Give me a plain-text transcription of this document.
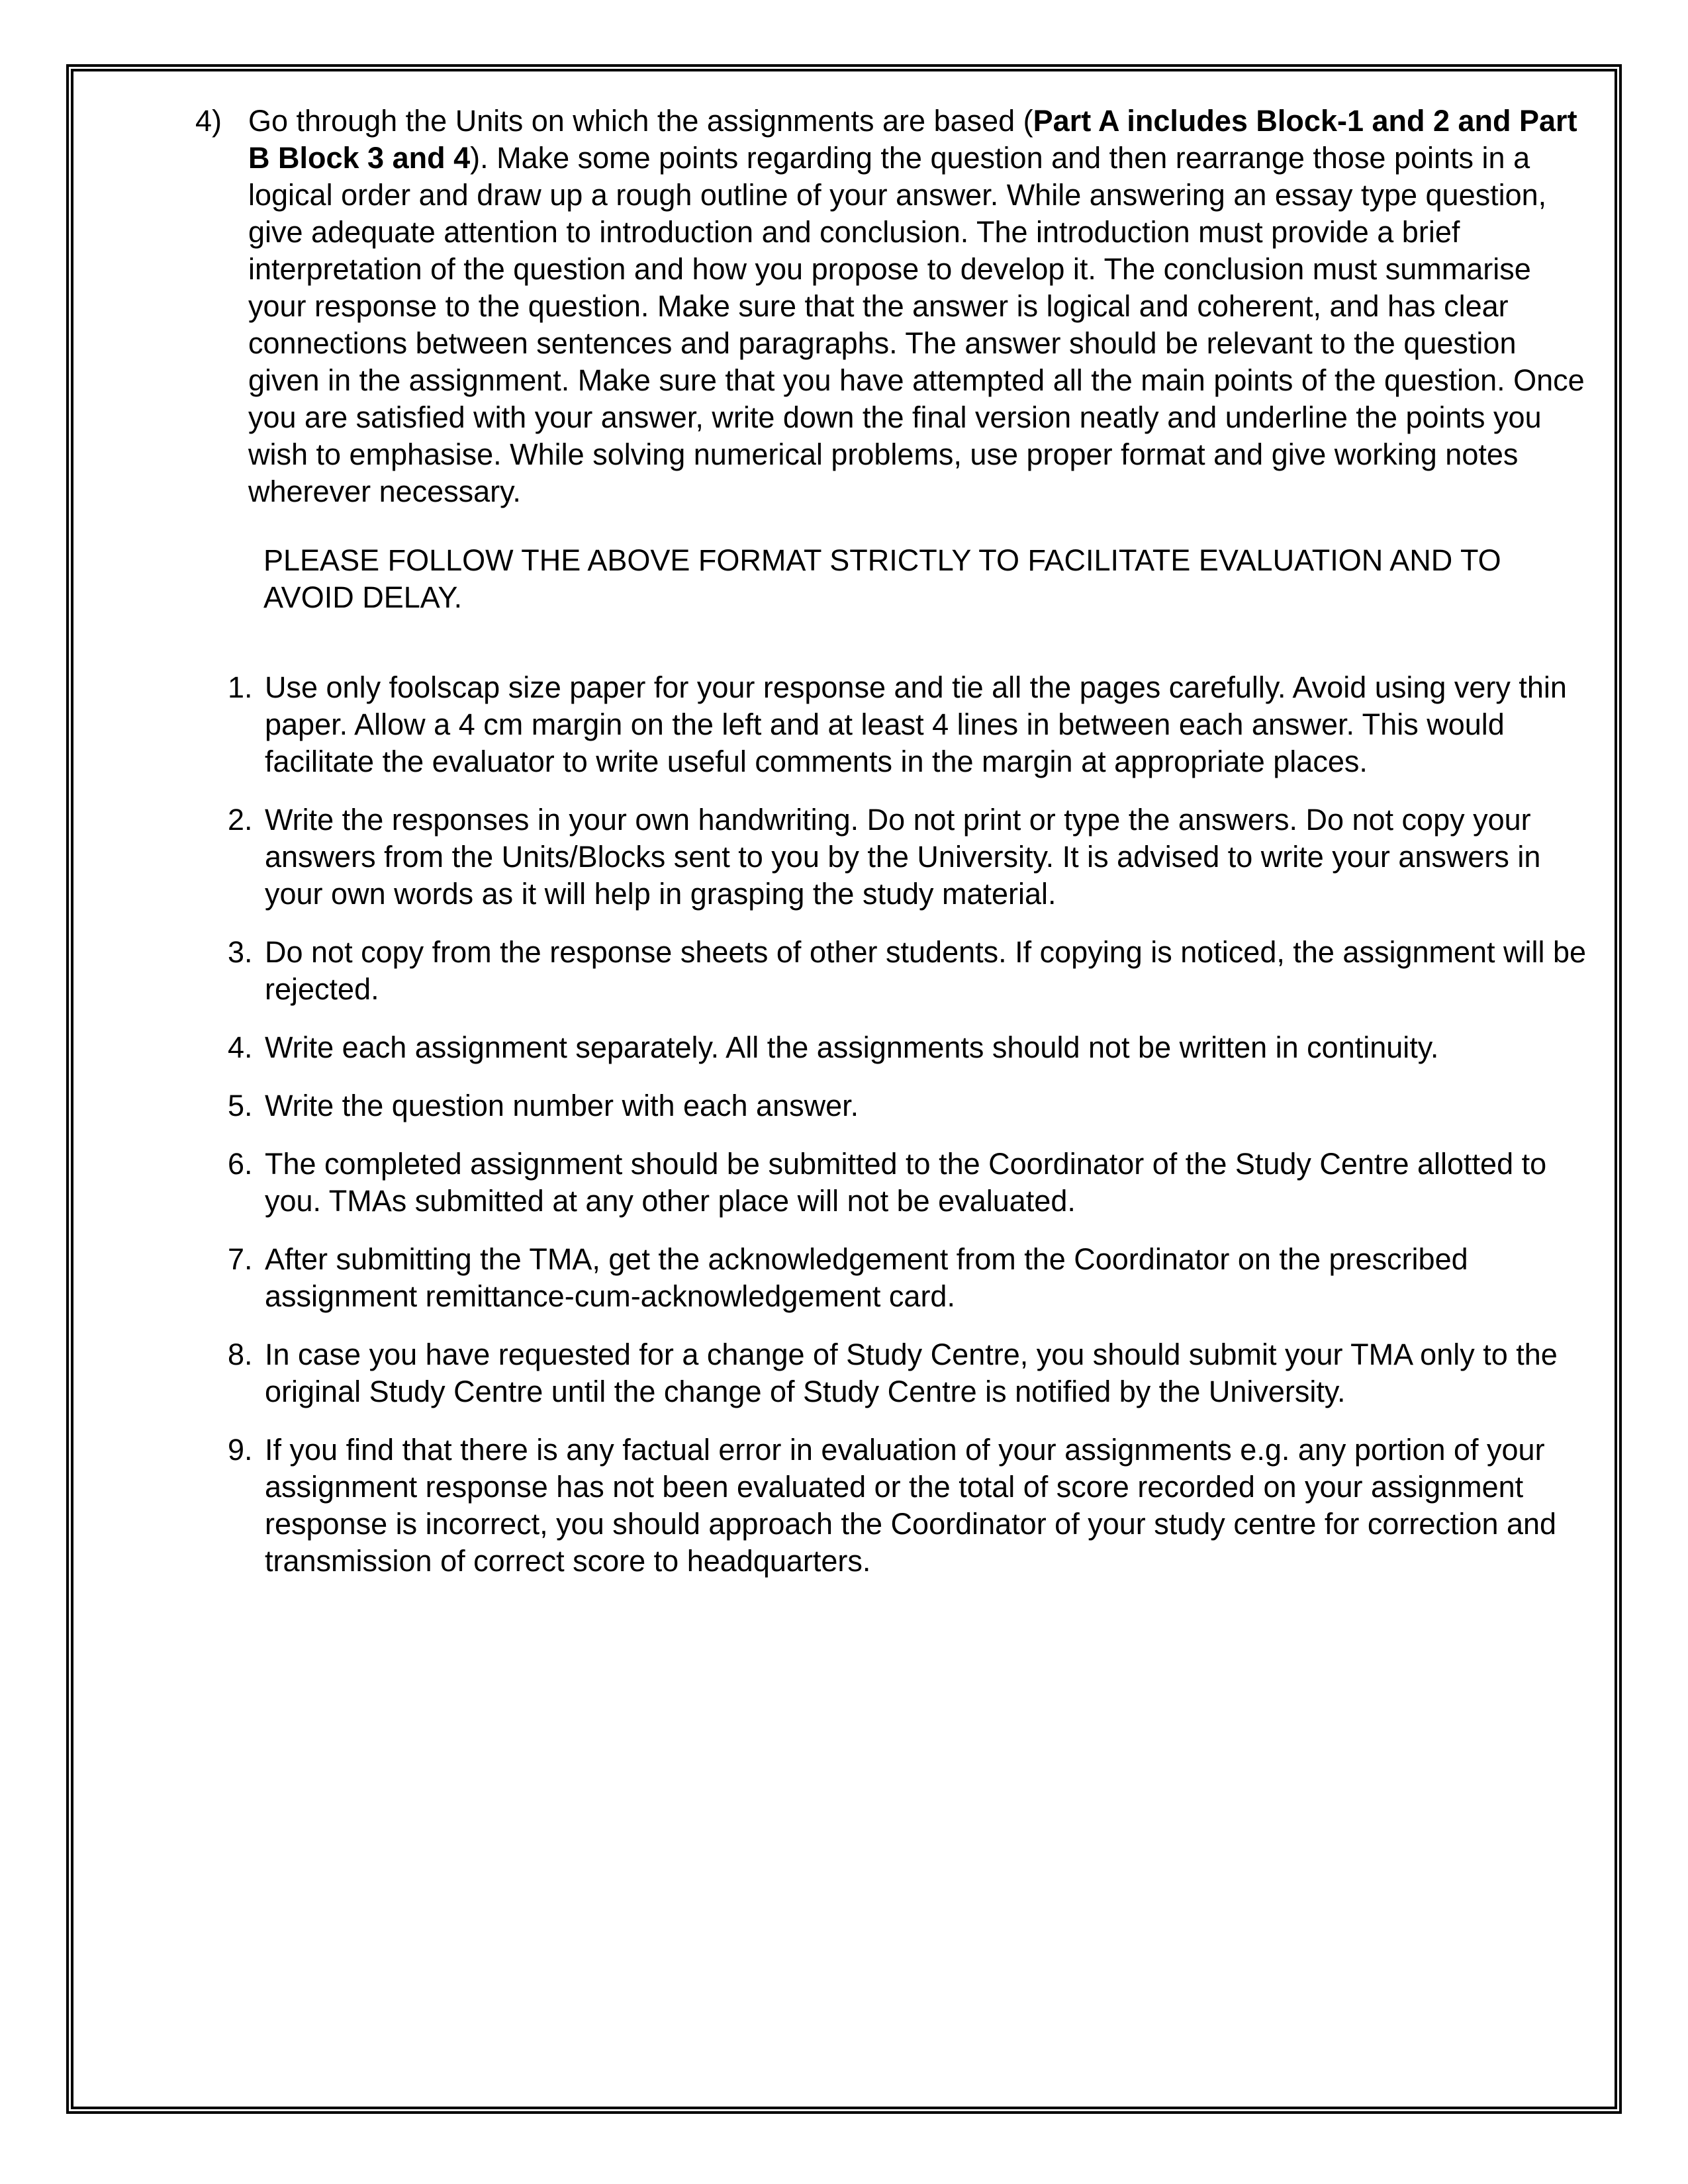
4) Go through the Units on which the assignments are based (Part A includes Block-1 and 2 and Part B Block 3 and 4). Make some points regarding the question and then rearrange those points in a logical order and draw up a rough outline of your answer. While answering an essay type question, give adequate attention to introduction and conclusion. The introduction must provide a brief interpretation of the question and how you propose to develop it. The conclusion must summarise your response to the question. Make sure that the answer is logical and coherent, and has clear connections between sentences and paragraphs. The answer should be relevant to the question given in the assignment. Make sure that you have attempted all the main points of the question. Once you are satisfied with your answer, write down the final version neatly and underline the points you wish to emphasise. While solving numerical problems, use proper format and give working notes wherever necessary.
PLEASE FOLLOW THE ABOVE FORMAT STRICTLY TO FACILITATE EVALUATION AND TO AVOID DELAY.
1. Use only foolscap size paper for your response and tie all the pages carefully. Avoid using very thin paper. Allow a 4 cm margin on the left and at least 4 lines in between each answer. This would facilitate the evaluator to write useful comments in the margin at appropriate places.
2. Write the responses in your own handwriting. Do not print or type the answers. Do not copy your answers from the Units/Blocks sent to you by the University. It is advised to write your answers in your own words as it will help in grasping the study material.
3. Do not copy from the response sheets of other students. If copying is noticed, the assignment will be rejected.
4. Write each assignment separately. All the assignments should not be written in continuity.
5. Write the question number with each answer.
6. The completed assignment should be submitted to the Coordinator of the Study Centre allotted to you. TMAs submitted at any other place will not be evaluated.
7. After submitting the TMA, get the acknowledgement from the Coordinator on the prescribed assignment remittance-cum-acknowledgement card.
8. In case you have requested for a change of Study Centre, you should submit your TMA only to the original Study Centre until the change of Study Centre is notified by the University.
9. If you find that there is any factual error in evaluation of your assignments e.g. any portion of your assignment response has not been evaluated or the total of score recorded on your assignment response is incorrect, you should approach the Coordinator of your study centre for correction and transmission of correct score to headquarters.
